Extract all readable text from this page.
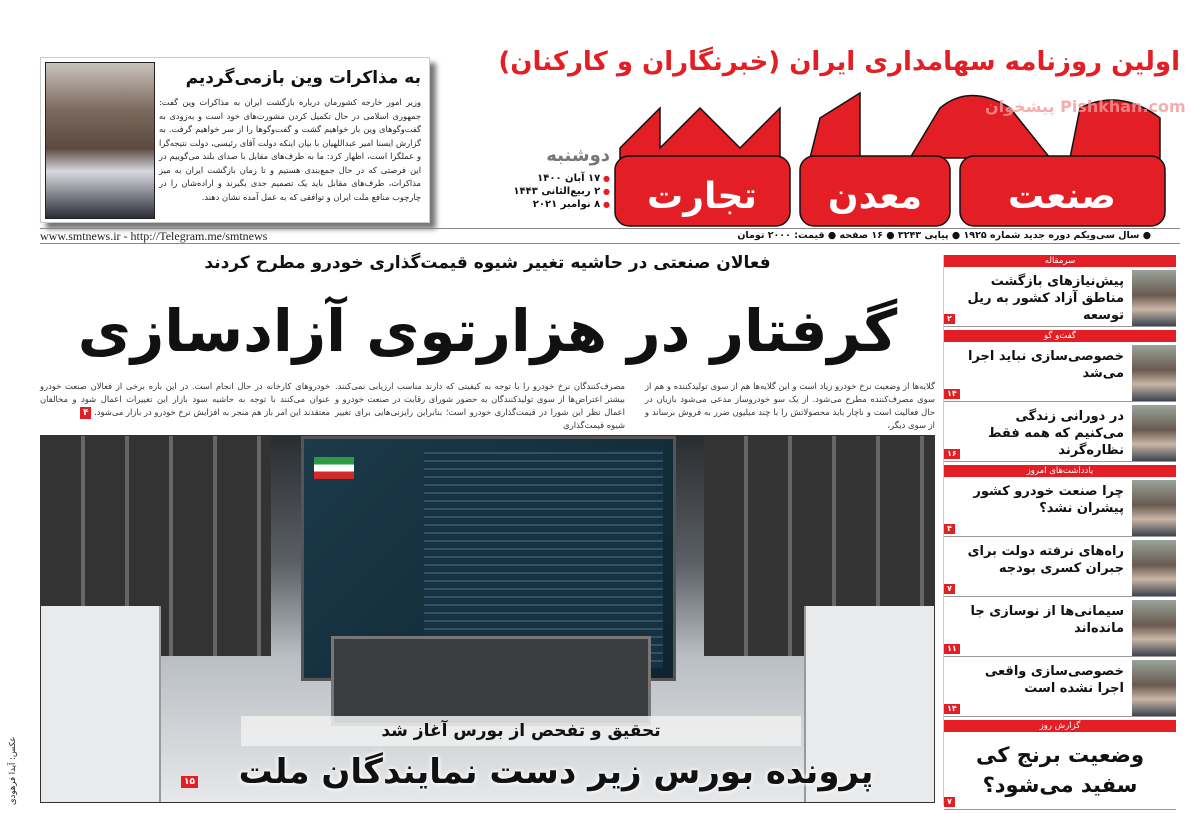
اولین روزنامه سهامداری ایران (خبرنگاران و کارکنان)
تجارت معدن صنعت
پیشخوان Pishkhan.com
دوشنبه
● ۱۷ آبان ۱۴۰۰
● ۲ ربیع‌الثانی ۱۴۴۳
● ۸ نوامبر ۲۰۲۱
به مذاکرات وین بازمی‌گردیم
وزیر امور خارجه کشورمان درباره بازگشت ایران به مذاکرات وین گفت: جمهوری اسلامی در حال تکمیل کردن مشورت‌های خود است و به‌زودی به گفت‌وگوهای وین باز خواهیم گشت و گفت‌وگوها را از سر خواهیم گرفت. به گزارش ایسنا امیر عبداللهیان با بیان اینکه دولت آقای رئیسی، دولت نتیجه‌گرا و عملگرا است، اظهار کرد: ما به طرف‌های مقابل با صدای بلند می‌گوییم در این فرصتی که در حال جمع‌بندی هستیم و تا زمان بازگشت ایران به میز مذاکرات، طرف‌های مقابل باید یک تصمیم جدی بگیرند و اراده‌شان را در چارچوب منافع ملت ایران و توافقی که به عمل آمده نشان دهند.
www.smtnews.ir - http://Telegram.me/smtnews	● سال سی‌ویکم دوره جدید شماره ۱۹۲۵ ● پیاپی ۳۲۴۳ ● ۱۶ صفحه ● قیمت: ۲۰۰۰ تومان
فعالان صنعتی در حاشیه تغییر شیوه قیمت‌گذاری خودرو مطرح کردند
گرفتار در هزارتوی آزادسازی
گلایه‌ها از وضعیت نرخ خودرو زیاد است و این گلایه‌ها هم از سوی تولیدکننده و هم از سوی مصرف‌کننده مطرح می‌شود. از یک سو خودروساز مدعی می‌شود بازیان در حال فعالیت است و ناچار باید محصولاتش را با چند میلیون ضرر به فروش برساند و از سوی دیگر،
مصرف‌کنندگان نرخ خودرو را با توجه به کیفیتی که دارند مناسب ارزیابی نمی‌کنند. بیشتر اعتراض‌ها از سوی تولیدکنندگان به حضور شورای رقابت در صنعت خودرو و اعمال نظر این شورا در قیمت‌گذاری خودرو است؛ بنابراین رایزنی‌هایی برای تغییر شیوه قیمت‌گذاری
خودروهای کارخانه در حال انجام است. در این باره برخی از فعالان صنعت خودرو عنوان می‌کنند با توجه به حاشیه سود بازار این تغییرات اعمال شود و مخالفان معتقدند این امر باز هم منجر به افزایش نرخ خودرو در بازار می‌شود. ۴
تحقیق و تفحص از بورس آغاز شد
پرونده بورس زیر دست نمایندگان ملت
۱۵
عکس: آیدا فرهودی
سرمقاله
پیش‌نیازهای بازگشت مناطق آزاد کشور به ریل توسعه
۲
گفت‌و گو
خصوصی‌سازی نباید اجرا می‌شد
۱۴
در دورانی زندگی می‌کنیم که همه فقط نظاره‌گرند
۱۶
یادداشت‌های امروز
چرا صنعت خودرو کشور پیشران نشد؟
۴
راه‌های نرفته دولت برای جبران کسری بودجه
۷
سیمانی‌ها از نوسازی جا مانده‌اند
۱۱
خصوصی‌سازی واقعی اجرا نشده است
۱۴
گزارش روز
وضعیت برنج کی سفید می‌شود؟
۷
